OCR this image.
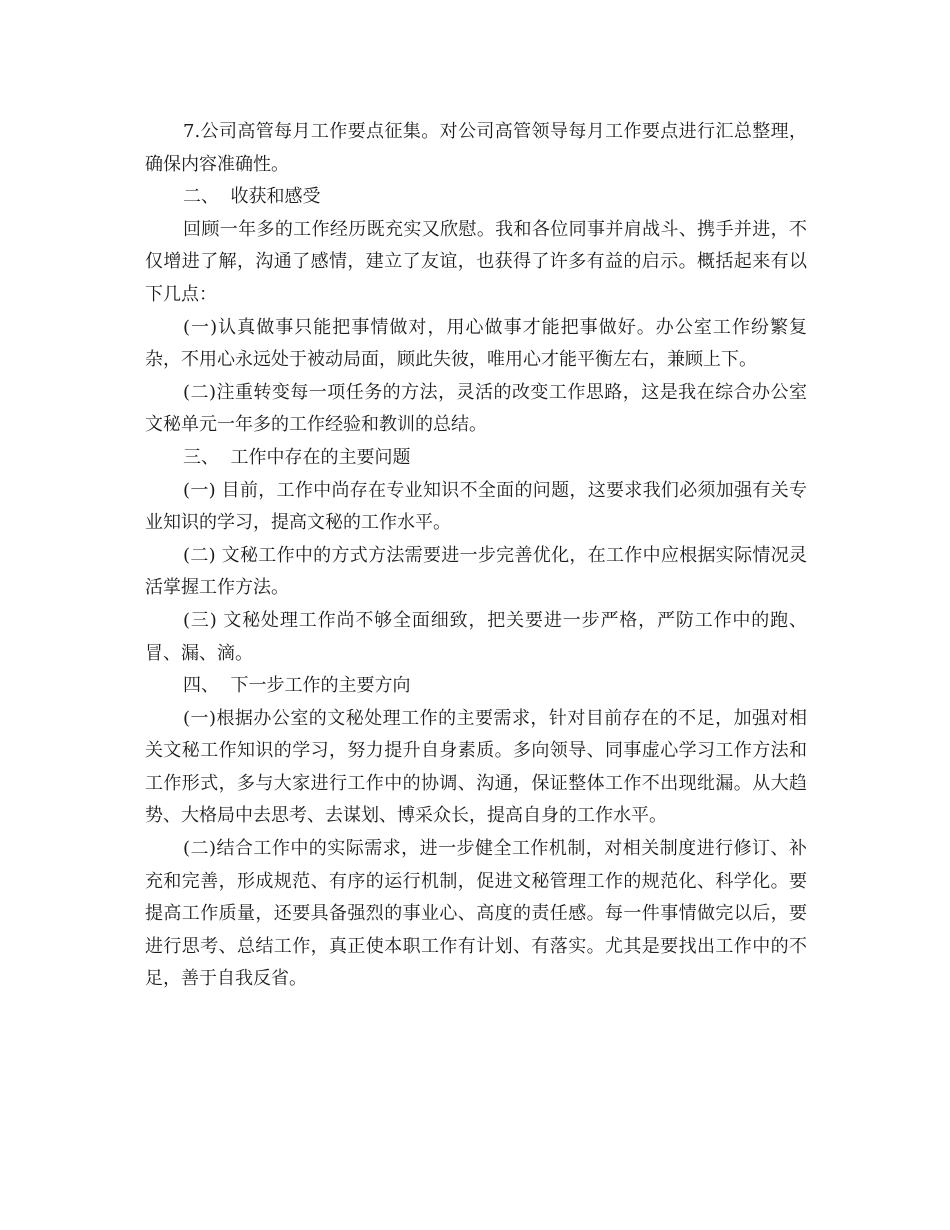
7.公司高管每月工作要点征集。对公司高管领导每月工作要点进行汇总整理，确保内容准确性。

二、  收获和感受

回顾一年多的工作经历既充实又欣慰。我和各位同事并肩战斗、携手并进，不仅增进了解，沟通了感情，建立了友谊，也获得了许多有益的启示。概括起来有以下几点：

(一)认真做事只能把事情做对，用心做事才能把事做好。办公室工作纷繁复杂，不用心永远处于被动局面，顾此失彼，唯用心才能平衡左右，兼顾上下。

(二)注重转变每一项任务的方法，灵活的改变工作思路，这是我在综合办公室文秘单元一年多的工作经验和教训的总结。

三、  工作中存在的主要问题

(一) 目前，工作中尚存在专业知识不全面的问题，这要求我们必须加强有关专业知识的学习，提高文秘的工作水平。

(二) 文秘工作中的方式方法需要进一步完善优化，在工作中应根据实际情况灵活掌握工作方法。

(三) 文秘处理工作尚不够全面细致，把关要进一步严格，严防工作中的跑、冒、漏、滴。

四、  下一步工作的主要方向

(一)根据办公室的文秘处理工作的主要需求，针对目前存在的不足，加强对相关文秘工作知识的学习，努力提升自身素质。多向领导、同事虚心学习工作方法和工作形式，多与大家进行工作中的协调、沟通，保证整体工作不出现纰漏。从大趋势、大格局中去思考、去谋划、博采众长，提高自身的工作水平。

(二)结合工作中的实际需求，进一步健全工作机制，对相关制度进行修订、补充和完善，形成规范、有序的运行机制，促进文秘管理工作的规范化、科学化。要提高工作质量，还要具备强烈的事业心、高度的责任感。每一件事情做完以后，要进行思考、总结工作，真正使本职工作有计划、有落实。尤其是要找出工作中的不足，善于自我反省。
